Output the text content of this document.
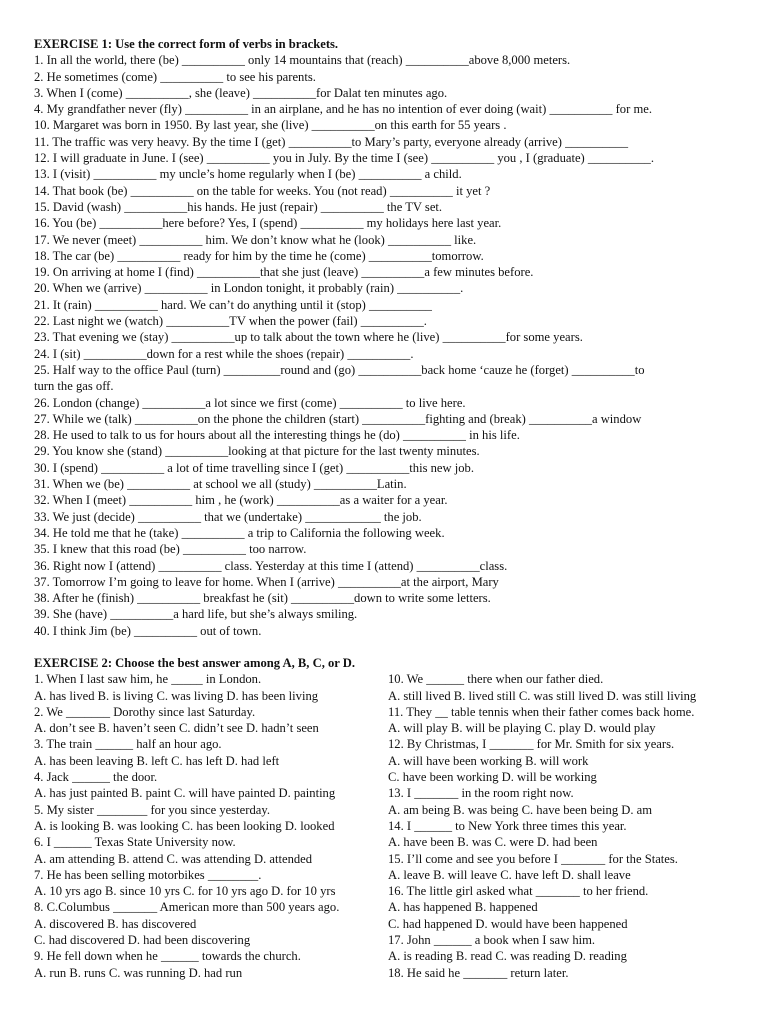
EXERCISE 1: Use the correct form of verbs in brackets.
1. In all the world, there (be) __________ only 14 mountains that (reach) __________above 8,000 meters.
2. He sometimes (come) __________ to see his parents.
3. When I (come) __________, she (leave) __________for Dalat ten minutes ago.
4. My grandfather never (fly) __________ in an airplane, and he has no intention of ever doing (wait) __________ for me.
10. Margaret was born in 1950. By last year, she (live) __________on this earth for 55 years .
11. The traffic was very heavy. By the time I (get) __________to Mary’s party, everyone already (arrive) __________
12. I will graduate in June. I (see) __________ you in July. By the time I (see) __________ you , I (graduate) __________.
13. I (visit) __________ my uncle’s home regularly when I (be) __________ a child.
14. That book (be) __________ on the table for weeks. You (not read) __________ it yet ?
15. David (wash) __________his hands. He just (repair) __________ the TV set.
16. You (be) __________here before? Yes, I (spend) __________ my holidays here last year.
17. We never (meet) __________ him. We don’t know what he (look) __________ like.
18. The car (be) __________ ready for him by the time he (come) __________tomorrow.
19. On arriving at home I (find) __________that she just (leave) __________a few minutes before.
20. When we (arrive) __________ in London tonight, it probably (rain) __________.
21. It (rain) __________ hard. We can’t do anything until it (stop) __________
22. Last night we (watch) __________TV when the power (fail) __________.
23. That evening we (stay) __________up to talk about the town where he (live) __________for some years.
24. I (sit) __________down for a rest while the shoes (repair) __________.
25. Half way to the office Paul (turn) _________round and (go) __________back home ‘cauze he (forget) __________to
turn the gas off.
26. London (change) __________a lot since we first (come) __________ to live here.
27. While we (talk) __________on the phone the children (start) __________fighting and (break) __________a window
28. He used to talk to us for hours about all the interesting things he (do) __________ in his life.
29. You know she (stand) __________looking at that picture for the last twenty minutes.
30. I (spend) __________ a lot of time travelling since I (get) __________this new job.
31. When we (be) __________ at school we all (study) __________Latin.
32. When I (meet) __________ him , he (work) __________as a waiter for a year.
33. We just (decide) __________ that we (undertake) ____________ the job.
34. He told me that he (take) __________ a trip to California the following week.
35. I knew that this road (be) __________ too narrow.
36. Right now I (attend) __________ class. Yesterday at this time I (attend) __________class.
37. Tomorrow I’m going to leave for home. When I (arrive) __________at the airport, Mary
38. After he (finish) __________ breakfast he (sit) __________down to write some letters.
39. She (have) __________a hard life, but she’s always smiling.
40. I think Jim (be) __________ out of town.
EXERCISE 2: Choose the best answer among A, B, C, or D.
1. When I last saw him, he _____ in London.
A. has lived B. is living C. was living D. has been living
2. We _______ Dorothy since last Saturday.
A. don’t see B. haven’t seen C. didn’t see D. hadn’t seen
3. The train ______ half an hour ago.
A. has been leaving B. left C. has left D. had left
4. Jack ______ the door.
A. has just painted B. paint C. will have painted D. painting
5. My sister ________ for you since yesterday.
A. is looking B. was looking C. has been looking D. looked
6. I ______ Texas State University now.
A. am attending B. attend C. was attending D. attended
7. He has been selling motorbikes ________.
A. 10 yrs ago B. since 10 yrs C. for 10 yrs ago D. for 10 yrs
8. C.Columbus _______ American more than 500 years ago.
A. discovered B. has discovered
C. had discovered D. had been discovering
9. He fell down when he ______ towards the church.
A. run B. runs C. was running D. had run
10. We ______ there when our father died.
A. still lived B. lived still C. was still lived D. was still living
11. They __ table tennis when their father comes back home.
A. will play B. will be playing C. play D. would play
12. By Christmas, I _______ for Mr. Smith for six years.
A. will have been working B. will work
C. have been working D. will be working
13. I _______ in the room right now.
A. am being B. was being C. have been being D. am
14. I ______ to New York three times this year.
A. have been B. was C. were D. had been
15. I’ll come and see you before I _______ for the States.
A. leave B. will leave C. have left D. shall leave
16. The little girl asked what _______ to her friend.
A. has happened B. happened
C. had happened D. would have been happened
17. John ______ a book when I saw him.
A. is reading B. read C. was reading D. reading
18. He said he _______ return later.
